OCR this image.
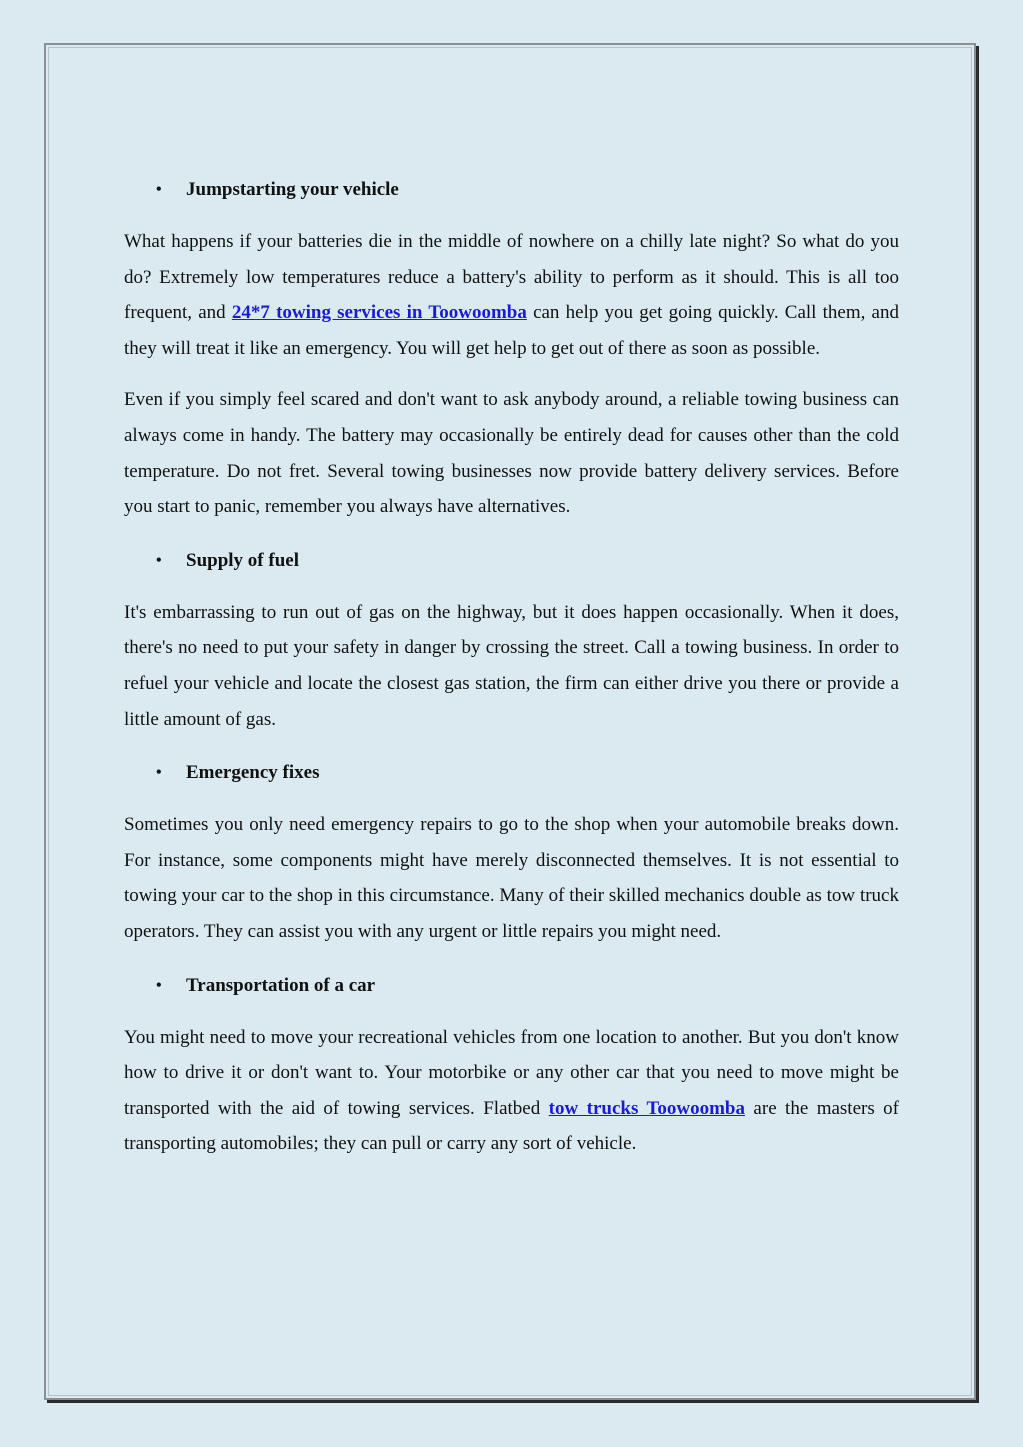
•	Jumpstarting your vehicle

What happens if your batteries die in the middle of nowhere on a chilly late night? So what do you do? Extremely low temperatures reduce a battery's ability to perform as it should. This is all too frequent, and 24*7 towing services in Toowoomba can help you get going quickly. Call them, and they will treat it like an emergency. You will get help to get out of there as soon as possible.

Even if you simply feel scared and don't want to ask anybody around, a reliable towing business can always come in handy. The battery may occasionally be entirely dead for causes other than the cold temperature. Do not fret. Several towing businesses now provide battery delivery services. Before you start to panic, remember you always have alternatives.

•	Supply of fuel

It's embarrassing to run out of gas on the highway, but it does happen occasionally. When it does, there's no need to put your safety in danger by crossing the street. Call a towing business. In order to refuel your vehicle and locate the closest gas station, the firm can either drive you there or provide a little amount of gas.

•	Emergency fixes

Sometimes you only need emergency repairs to go to the shop when your automobile breaks down. For instance, some components might have merely disconnected themselves. It is not essential to towing your car to the shop in this circumstance. Many of their skilled mechanics double as tow truck operators. They can assist you with any urgent or little repairs you might need.

•	Transportation of a car

You might need to move your recreational vehicles from one location to another. But you don't know how to drive it or don't want to. Your motorbike or any other car that you need to move might be transported with the aid of towing services. Flatbed tow trucks Toowoomba are the masters of transporting automobiles; they can pull or carry any sort of vehicle.
